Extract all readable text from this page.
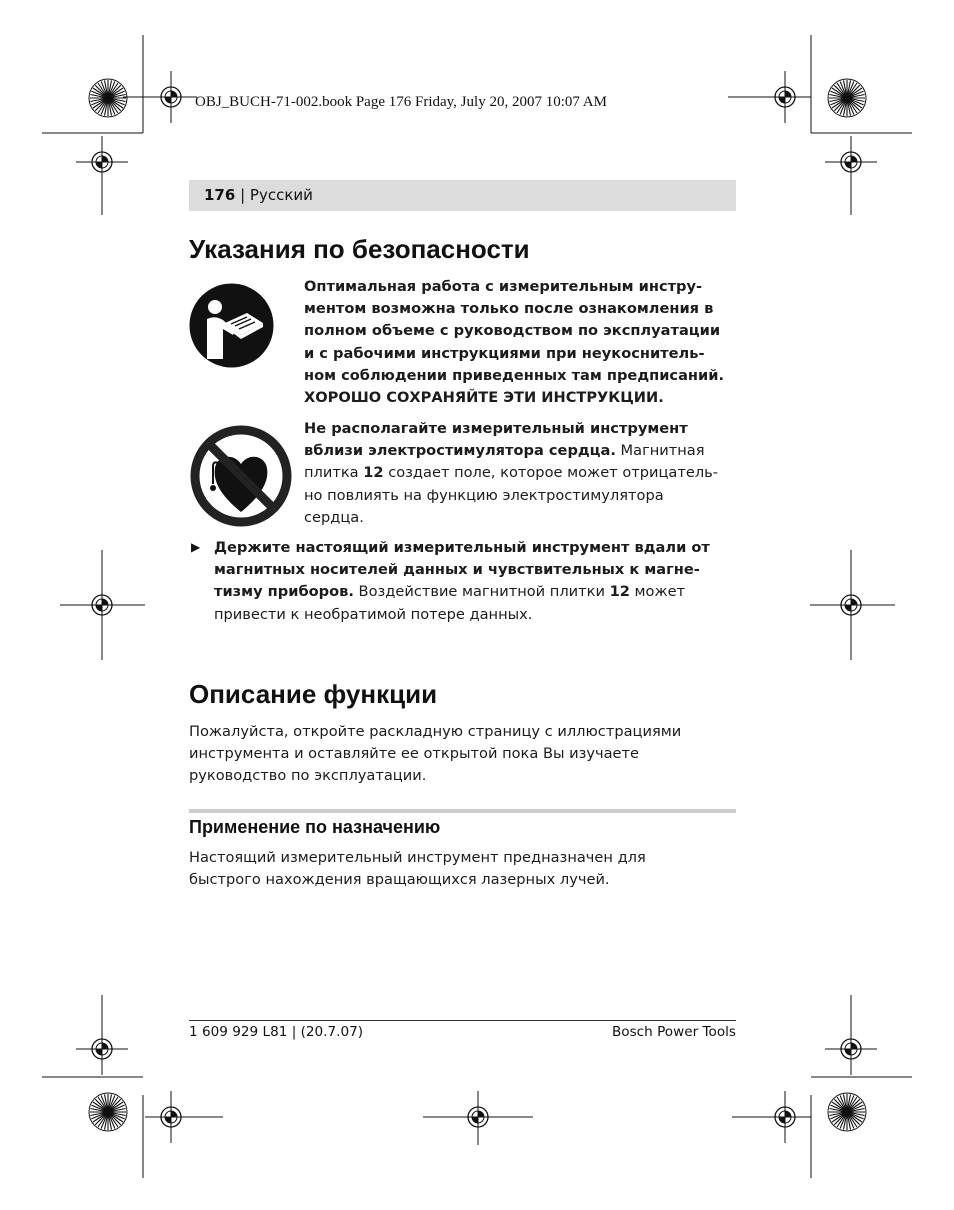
OBJ_BUCH-71-002.book Page 176 Friday, July 20, 2007 10:07 AM
176 | Русский
Указания по безопасности
Оптимальная работа с измерительным инстру-
ментом возможна только после ознакомления в
полном объеме с руководством по эксплуатации
и с рабочими инструкциями при неукоснитель-
ном соблюдении приведенных там предписаний.
ХОРОШО СОХРАНЯЙТЕ ЭТИ ИНСТРУКЦИИ.
Не располагайте измерительный инструмент
вблизи электростимулятора сердца. Магнитная
плитка 12 создает поле, которое может отрицатель-
но повлиять на функцию электростимулятора
сердца.
▶ Держите настоящий измерительный инструмент вдали от
магнитных носителей данных и чувствительных к магне-
тизму приборов. Воздействие магнитной плитки 12 может
привести к необратимой потере данных.
Описание функции
Пожалуйста, откройте раскладную страницу с иллюстрациями
инструмента и оставляйте ее открытой пока Вы изучаете
руководство по эксплуатации.
Применение по назначению
Настоящий измерительный инструмент предназначен для
быстрого нахождения вращающихся лазерных лучей.
1 609 929 L81 | (20.7.07)	Bosch Power Tools
